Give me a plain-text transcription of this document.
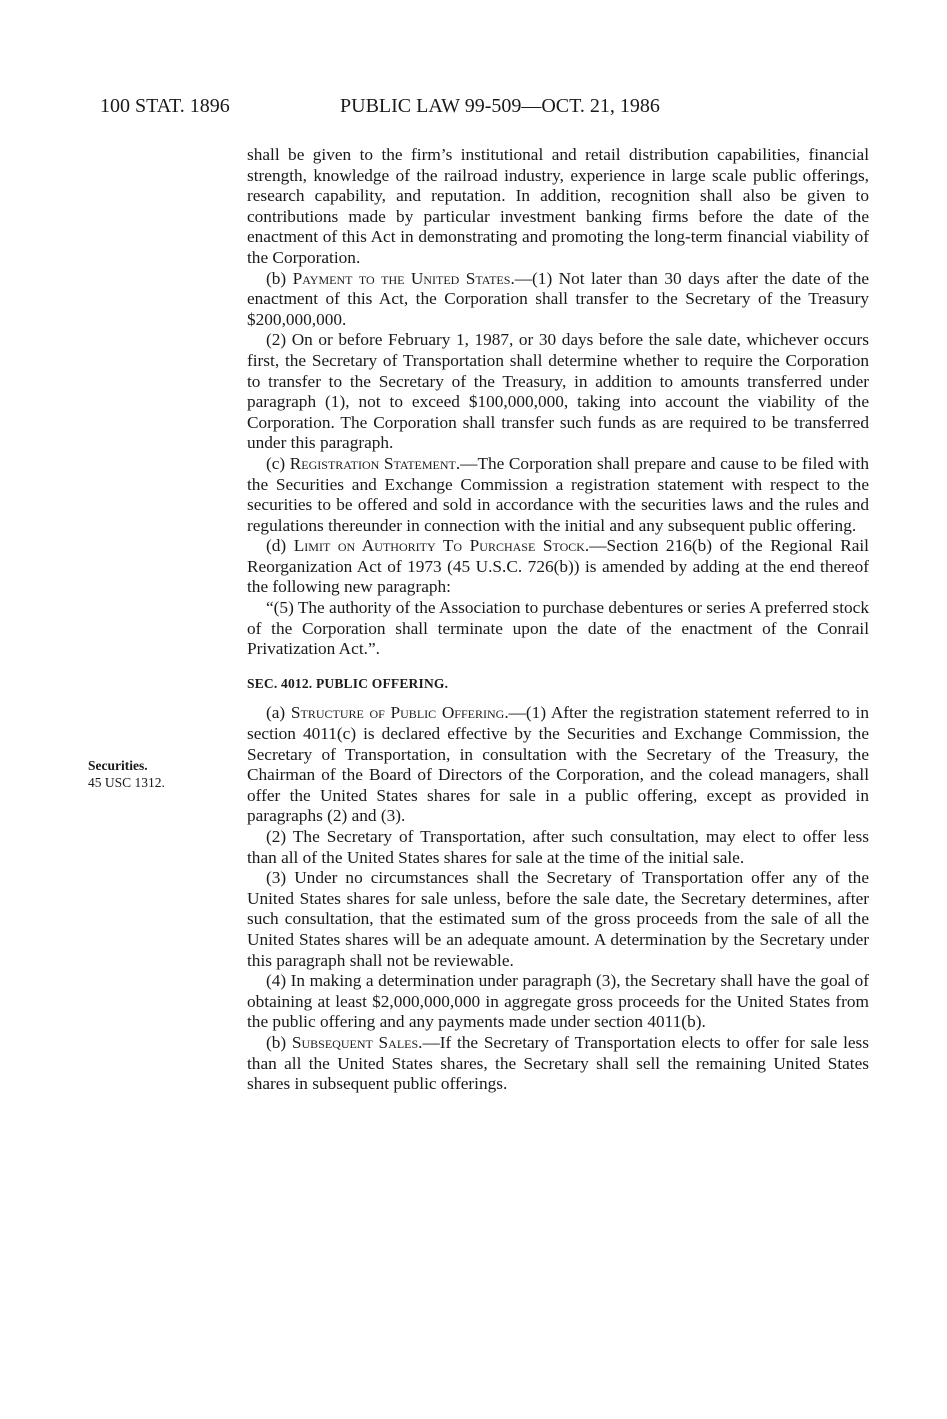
100 STAT. 1896	PUBLIC LAW 99-509—OCT. 21, 1986
Securities.
45 USC 1312.

shall be given to the firm’s institutional and retail distribution capabilities, financial strength, knowledge of the railroad industry, experience in large scale public offerings, research capability, and reputation. In addition, recognition shall also be given to contributions made by particular investment banking firms before the date of the enactment of this Act in demonstrating and promoting the long-term financial viability of the Corporation.

(b) Payment to the United States.—(1) Not later than 30 days after the date of the enactment of this Act, the Corporation shall transfer to the Secretary of the Treasury $200,000,000.

(2) On or before February 1, 1987, or 30 days before the sale date, whichever occurs first, the Secretary of Transportation shall determine whether to require the Corporation to transfer to the Secretary of the Treasury, in addition to amounts transferred under paragraph (1), not to exceed $100,000,000, taking into account the viability of the Corporation. The Corporation shall transfer such funds as are required to be transferred under this paragraph.

(c) Registration Statement.—The Corporation shall prepare and cause to be filed with the Securities and Exchange Commission a registration statement with respect to the securities to be offered and sold in accordance with the securities laws and the rules and regulations thereunder in connection with the initial and any subsequent public offering.

(d) Limit on Authority To Purchase Stock.—Section 216(b) of the Regional Rail Reorganization Act of 1973 (45 U.S.C. 726(b)) is amended by adding at the end thereof the following new paragraph:

“(5) The authority of the Association to purchase debentures or series A preferred stock of the Corporation shall terminate upon the date of the enactment of the Conrail Privatization Act.”.

SEC. 4012. PUBLIC OFFERING.

(a) Structure of Public Offering.—(1) After the registration statement referred to in section 4011(c) is declared effective by the Securities and Exchange Commission, the Secretary of Transportation, in consultation with the Secretary of the Treasury, the Chairman of the Board of Directors of the Corporation, and the colead managers, shall offer the United States shares for sale in a public offering, except as provided in paragraphs (2) and (3).

(2) The Secretary of Transportation, after such consultation, may elect to offer less than all of the United States shares for sale at the time of the initial sale.

(3) Under no circumstances shall the Secretary of Transportation offer any of the United States shares for sale unless, before the sale date, the Secretary determines, after such consultation, that the estimated sum of the gross proceeds from the sale of all the United States shares will be an adequate amount. A determination by the Secretary under this paragraph shall not be reviewable.

(4) In making a determination under paragraph (3), the Secretary shall have the goal of obtaining at least $2,000,000,000 in aggregate gross proceeds for the United States from the public offering and any payments made under section 4011(b).

(b) Subsequent Sales.—If the Secretary of Transportation elects to offer for sale less than all the United States shares, the Secretary shall sell the remaining United States shares in subsequent public offerings.
